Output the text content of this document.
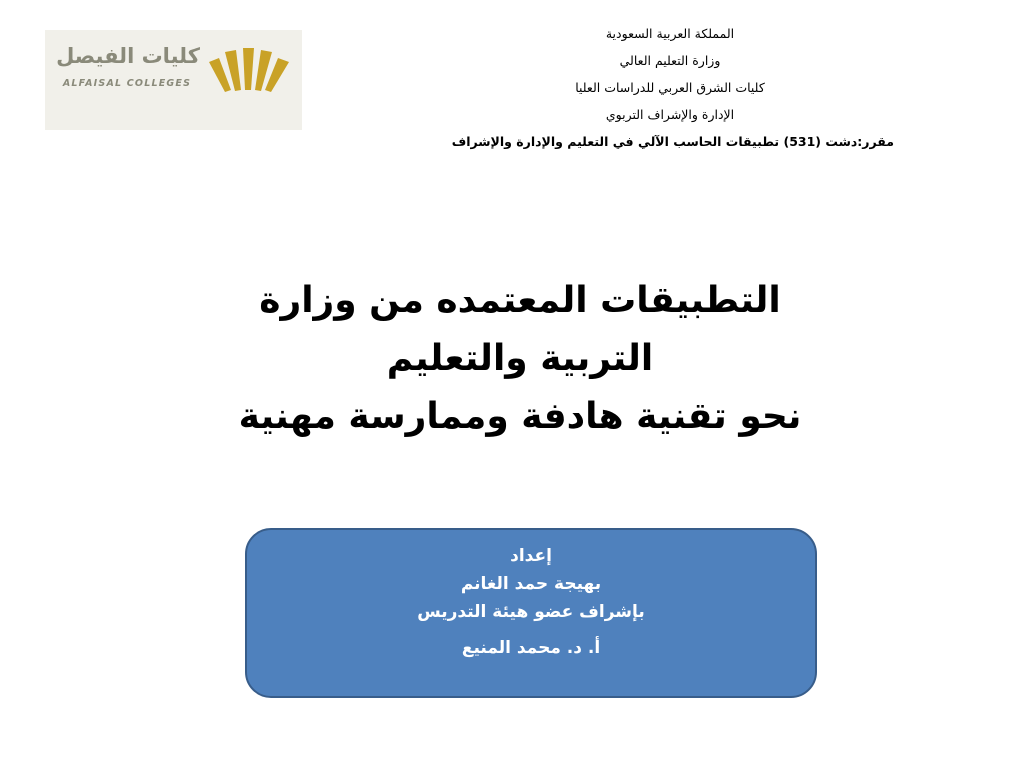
كليات الفيصل
ALFAISAL COLLEGES
المملكة العربية السعودية
وزارة التعليم العالي
كليات الشرق العربي للدراسات العليا
الإدارة والإشراف التربوي
مقرر:دشت (531) تطبيقات الحاسب الآلي في التعليم والإدارة والإشراف
التطبيقات المعتمده من وزارة
التربية والتعليم
نحو تقنية هادفة وممارسة مهنية
إعداد
بهيجة حمد الغانم
بإشراف عضو هيئة التدريس
أ. د. محمد المنيع
